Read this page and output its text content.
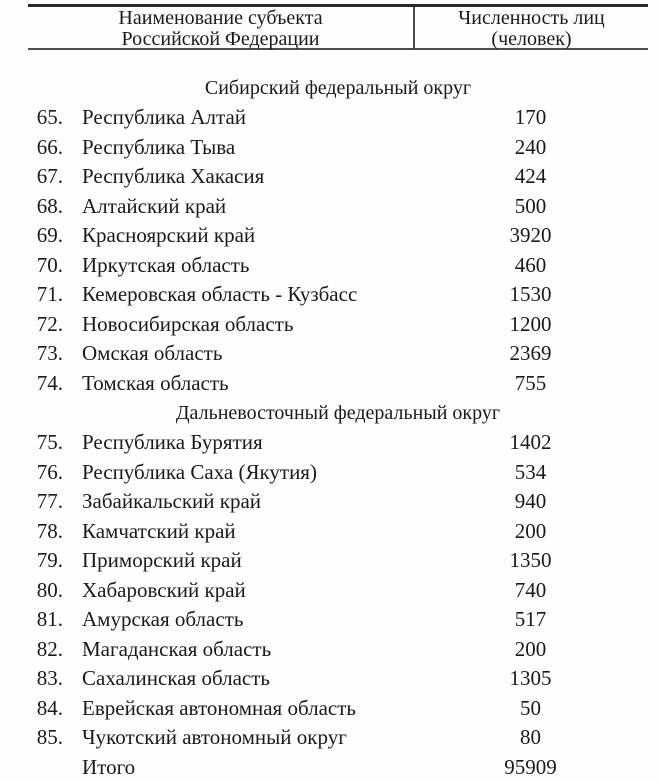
Наименование субъекта
Российской Федерации
Численность лиц
(человек)
Сибирский федеральный округ
65. Республика Алтай	170
66. Республика Тыва	240
67. Республика Хакасия	424
68. Алтайский край	500
69. Красноярский край	3920
70. Иркутская область	460
71. Кемеровская область - Кузбасс	1530
72. Новосибирская область	1200
73. Омская область	2369
74. Томская область	755
Дальневосточный федеральный округ
75. Республика Бурятия	1402
76. Республика Саха (Якутия)	534
77. Забайкальский край	940
78. Камчатский край	200
79. Приморский край	1350
80. Хабаровский край	740
81. Амурская область	517
82. Магаданская область	200
83. Сахалинская область	1305
84. Еврейская автономная область	50
85. Чукотский автономный округ	80
Итого	95909
